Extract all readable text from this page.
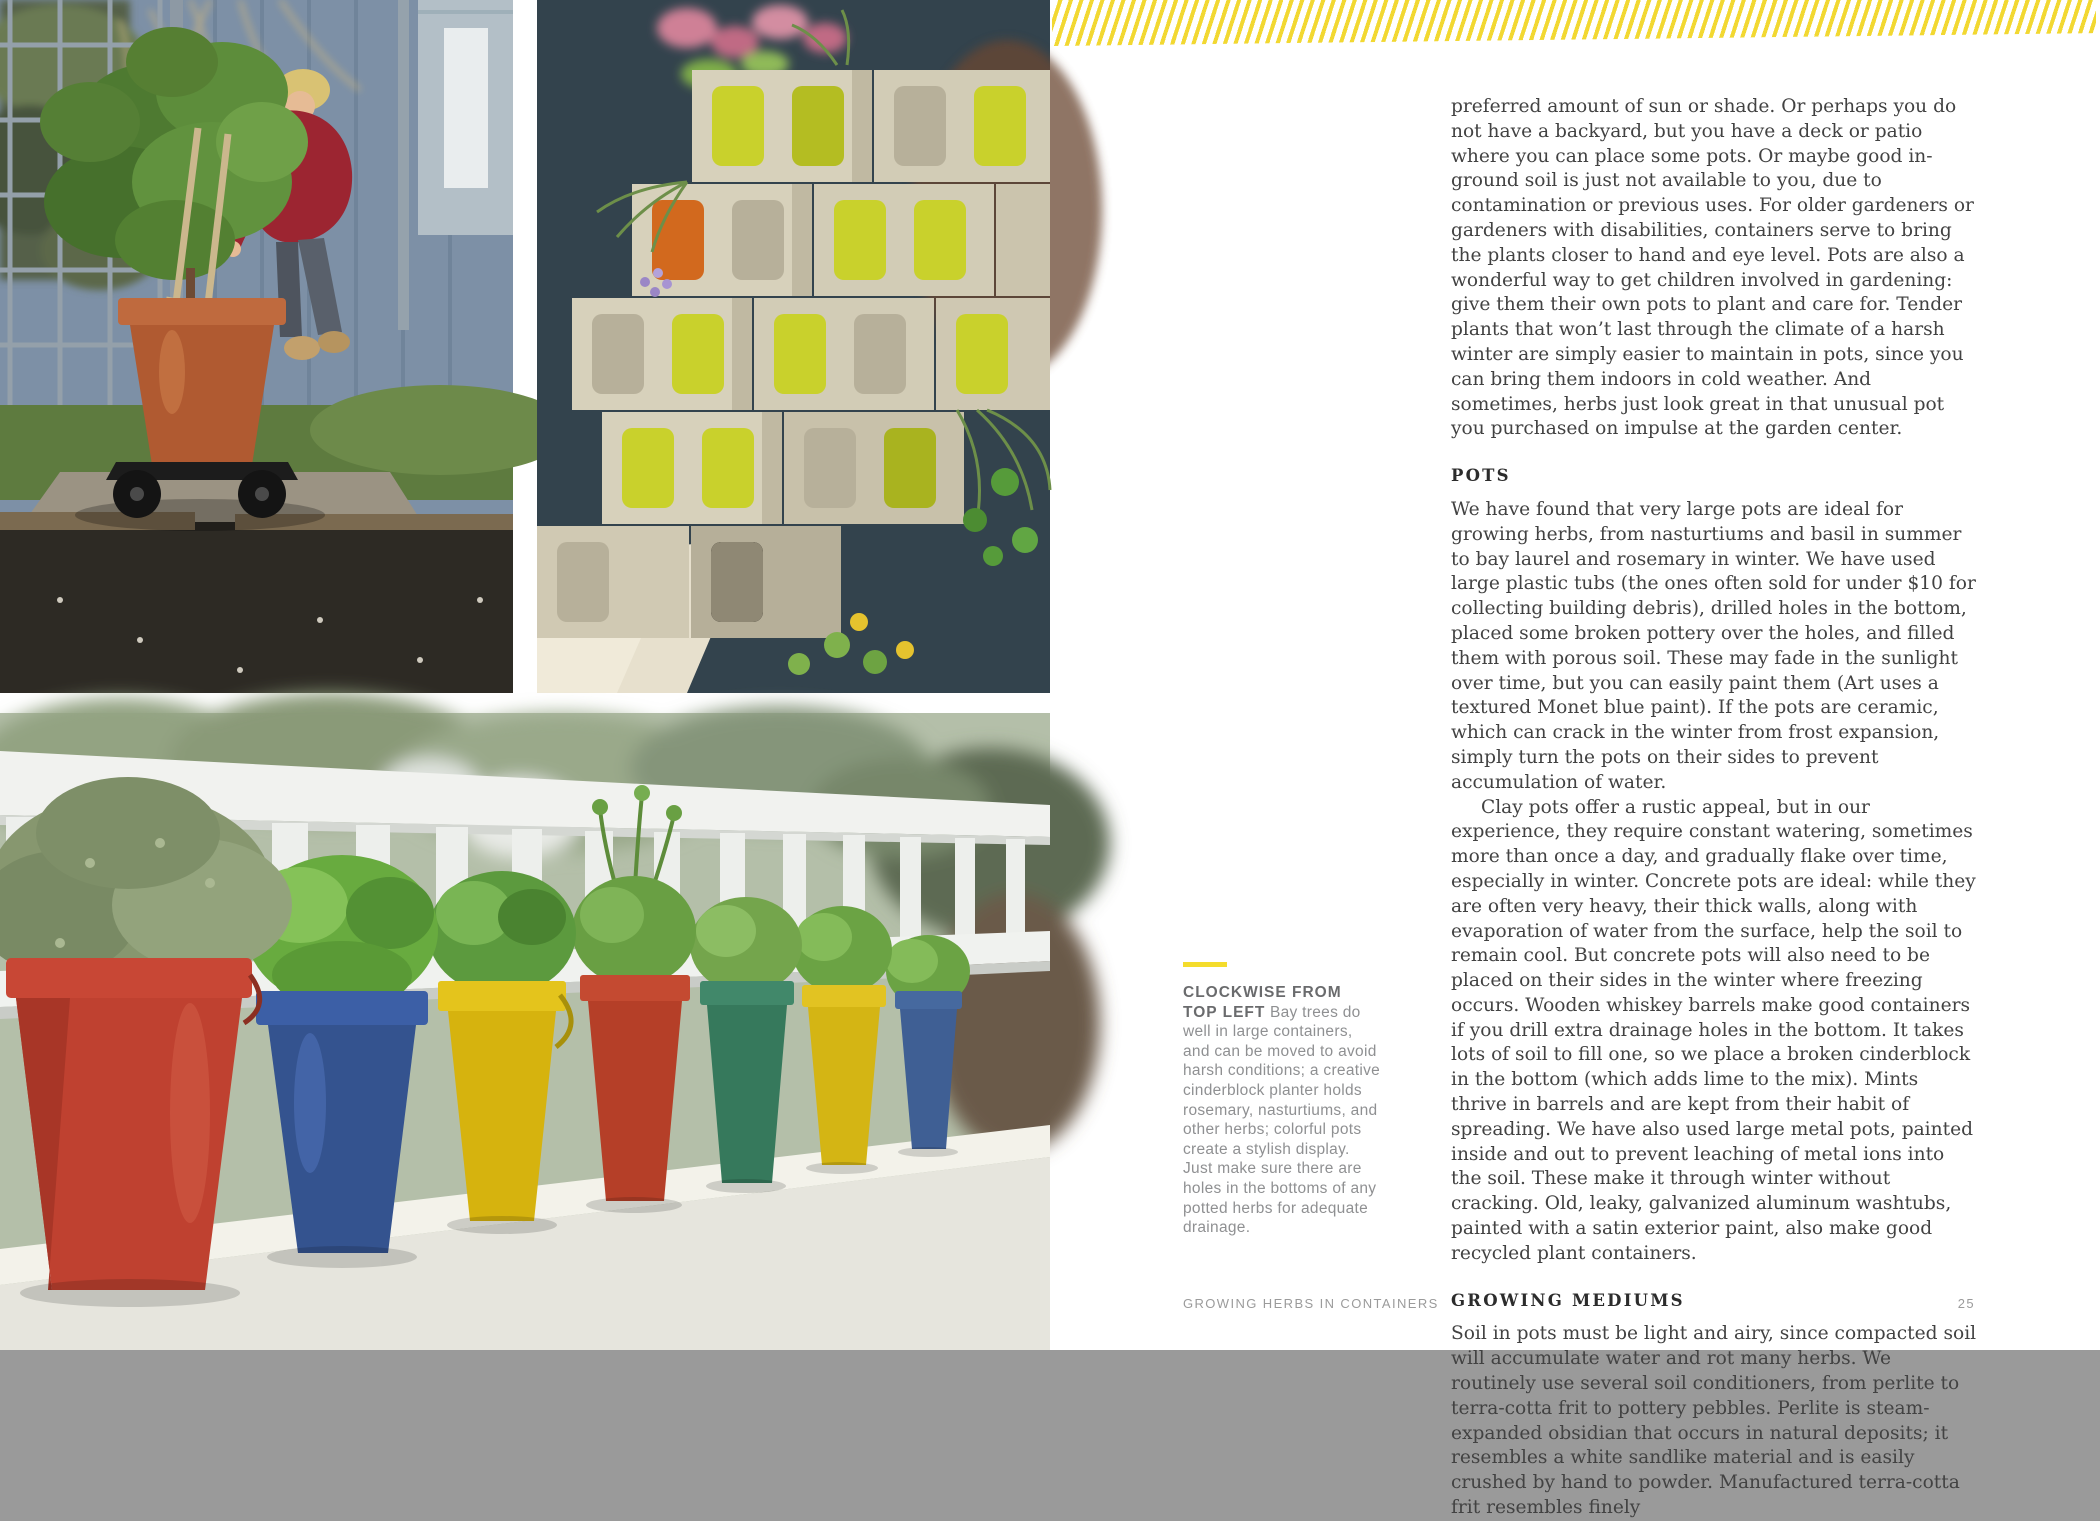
CLOCKWISE FROM TOP LEFT Bay trees do well in large containers, and can be moved to avoid harsh conditions; a creative cinderblock planter holds rosemary, nasturtiums, and other herbs; colorful pots create a stylish display. Just make sure there are holes in the bottoms of any potted herbs for adequate drainage.

preferred amount of sun or shade. Or perhaps you do not have a backyard, but you have a deck or patio where you can place some pots. Or maybe good in-ground soil is just not available to you, due to contamination or previous uses. For older gardeners or gardeners with disabilities, containers serve to bring the plants closer to hand and eye level. Pots are also a wonderful way to get children involved in gardening: give them their own pots to plant and care for. Tender plants that won’t last through the climate of a harsh winter are simply easier to maintain in pots, since you can bring them indoors in cold weather. And sometimes, herbs just look great in that unusual pot you purchased on impulse at the garden center.

POTS

We have found that very large pots are ideal for growing herbs, from nasturtiums and basil in summer to bay laurel and rosemary in winter. We have used large plastic tubs (the ones often sold for under $10 for collecting building debris), drilled holes in the bottom, placed some broken pottery over the holes, and filled them with porous soil. These may fade in the sunlight over time, but you can easily paint them (Art uses a textured Monet blue paint). If the pots are ceramic, which can crack in the winter from frost expansion, simply turn the pots on their sides to prevent accumulation of water.

Clay pots offer a rustic appeal, but in our experience, they require constant watering, sometimes more than once a day, and gradually flake over time, especially in winter. Concrete pots are ideal: while they are often very heavy, their thick walls, along with evaporation of water from the surface, help the soil to remain cool. But concrete pots will also need to be placed on their sides in the winter where freezing occurs. Wooden whiskey barrels make good containers if you drill extra drainage holes in the bottom. It takes lots of soil to fill one, so we place a broken cinderblock in the bottom (which adds lime to the mix). Mints thrive in barrels and are kept from their habit of spreading. We have also used large metal pots, painted inside and out to prevent leaching of metal ions into the soil. These make it through winter without cracking. Old, leaky, galvanized aluminum washtubs, painted with a satin exterior paint, also make good recycled plant containers.

GROWING MEDIUMS

Soil in pots must be light and airy, since compacted soil will accumulate water and rot many herbs. We routinely use several soil conditioners, from perlite to terra-cotta frit to pottery pebbles. Perlite is steam-expanded obsidian that occurs in natural deposits; it resembles a white sandlike material and is easily crushed by hand to powder. Manufactured terra-cotta frit resembles finely

GROWING HERBS IN CONTAINERS	25
